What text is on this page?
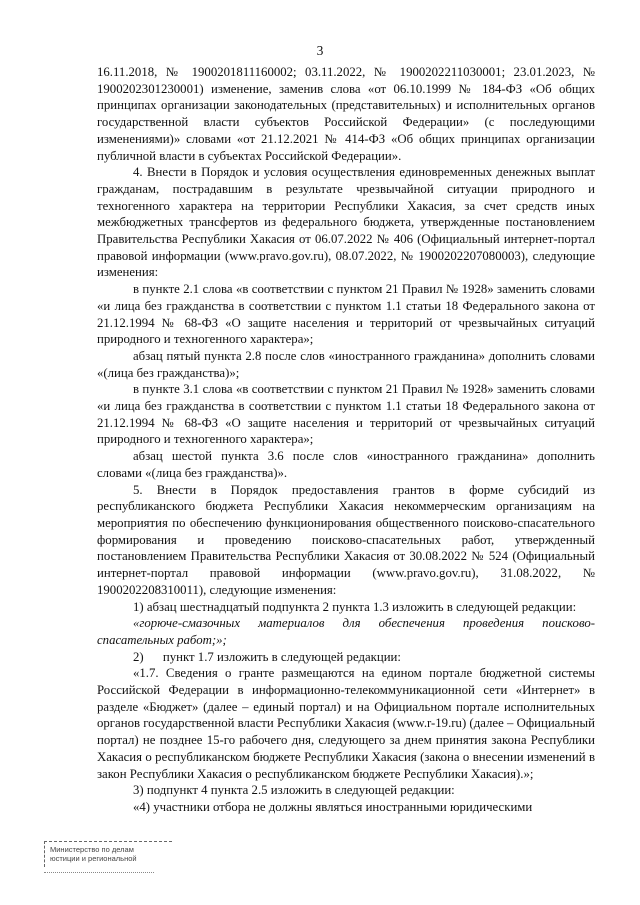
3

16.11.2018, № 1900201811160002; 03.11.2022, № 1900202211030001; 23.01.2023, № 1900202301230001) изменение, заменив слова «от 06.10.1999 № 184-ФЗ «Об общих принципах организации законодательных (представительных) и исполнительных органов государственной власти субъектов Российской Федерации» (с последующими изменениями)» словами «от 21.12.2021 № 414-ФЗ «Об общих принципах организации публичной власти в субъектах Российской Федерации».

4. Внести в Порядок и условия осуществления единовременных денежных выплат гражданам, пострадавшим в результате чрезвычайной ситуации природного и техногенного характера на территории Республики Хакасия, за счет средств иных межбюджетных трансфертов из федерального бюджета, утвержденные постановлением Правительства Республики Хакасия от 06.07.2022 № 406 (Официальный интернет-портал правовой информации (www.pravo.gov.ru), 08.07.2022, № 1900202207080003), следующие изменения:

в пункте 2.1 слова «в соответствии с пунктом 21 Правил № 1928» заменить словами «и лица без гражданства в соответствии с пунктом 1.1 статьи 18 Федерального закона от 21.12.1994 № 68-ФЗ «О защите населения и территорий от чрезвычайных ситуаций природного и техногенного характера»;

абзац пятый пункта 2.8 после слов «иностранного гражданина» дополнить словами «(лица без гражданства)»;

в пункте 3.1 слова «в соответствии с пунктом 21 Правил № 1928» заменить словами «и лица без гражданства в соответствии с пунктом 1.1 статьи 18 Федерального закона от 21.12.1994 № 68-ФЗ «О защите населения и территорий от чрезвычайных ситуаций природного и техногенного характера»;

абзац шестой пункта 3.6 после слов «иностранного гражданина» дополнить словами «(лица без гражданства)».

5. Внести в Порядок предоставления грантов в форме субсидий из республиканского бюджета Республики Хакасия некоммерческим организациям на мероприятия по обеспечению функционирования общественного поисково-спасательного формирования и проведению поисково-спасательных работ, утвержденный постановлением Правительства Республики Хакасия от 30.08.2022 № 524 (Официальный интернет-портал правовой информации (www.pravo.gov.ru), 31.08.2022, № 1900202208310011), следующие изменения:

1) абзац шестнадцатый подпункта 2 пункта 1.3 изложить в следующей редакции:

«горюче-смазочных материалов для обеспечения проведения поисково-спасательных работ;»;

2)      пункт 1.7 изложить в следующей редакции:

«1.7. Сведения о гранте размещаются на едином портале бюджетной системы Российской Федерации в информационно-телекоммуникационной сети «Интернет» в разделе «Бюджет» (далее – единый портал) и на Официальном портале исполнительных органов государственной власти Республики Хакасия (www.r-19.ru) (далее – Официальный портал) не позднее 15-го рабочего дня, следующего за днем принятия закона Республики Хакасия о республиканском бюджете Республики Хакасия (закона о внесении изменений в закон Республики Хакасия о республиканском бюджете Республики Хакасия).»;

3) подпункт 4 пункта 2.5 изложить в следующей редакции:

«4) участники отбора не должны являться иностранными юридическими

Министерство по делам
юстиции и региональной
